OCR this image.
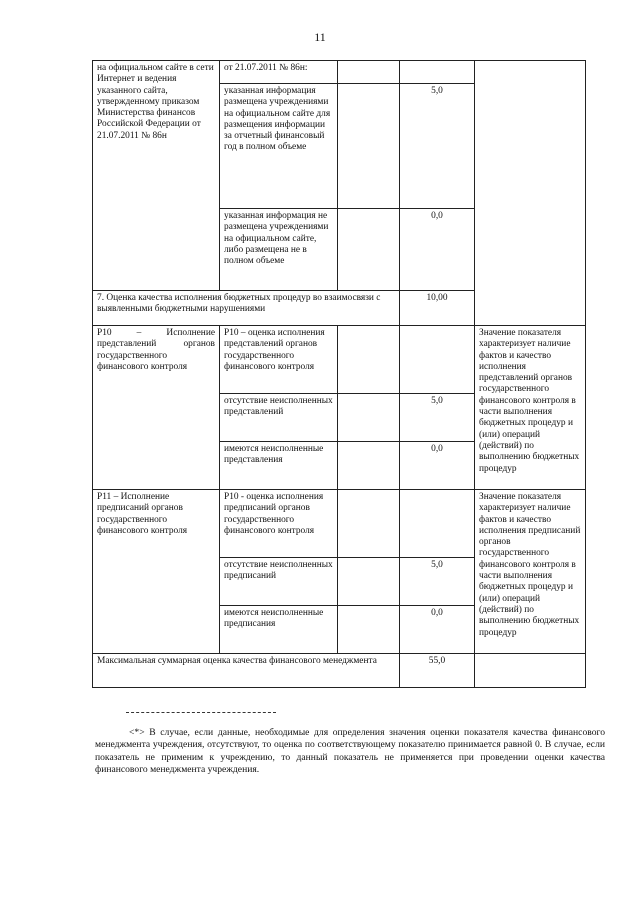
11
на официальном сайте в сети Интернет и ведения указанного сайта, утвержденному приказом Министерства финансов Российской Федерации от 21.07.2011 № 86н	от 21.07.2011 № 86н:			
	указанная информация размещена учреждениями на официальном сайте для размещения информации за отчетный финансовый год в полном объеме		5,0	
	указанная информация не размещена учреждениями на официальном сайте, либо размещена не в полном объеме		0,0	
7. Оценка качества исполнения бюджетных процедур во взаимосвязи с выявленными бюджетными нарушениями			10,00	
P10 – Исполнение представлений органов государственного финансового контроля	P10 – оценка исполнения представлений органов государственного финансового контроля			Значение показателя характеризует наличие фактов и качество исполнения представлений органов государственного финансового контроля в части выполнения бюджетных процедур и (или) операций (действий) по выполнению бюджетных процедур
	отсутствие неисполненных представлений		5,0	
	имеются неисполненные представления		0,0	
P11 – Исполнение предписаний органов государственного финансового контроля	P10 - оценка исполнения предписаний органов государственного финансового контроля			Значение показателя характеризует наличие фактов и качество исполнения предписаний органов государственного финансового контроля в части выполнения бюджетных процедур и (или) операций (действий) по выполнению бюджетных процедур
	отсутствие неисполненных предписаний		5,0	
	имеются неисполненные предписания		0,0	
Максимальная суммарная оценка качества финансового менеджмента			55,0	

<*> В случае, если данные, необходимые для определения значения оценки показателя качества финансового менеджмента учреждения, отсутствуют, то оценка по соответствующему показателю принимается равной 0. В случае, если показатель не применим к учреждению, то данный показатель не применяется при проведении оценки качества финансового менеджмента учреждения.
